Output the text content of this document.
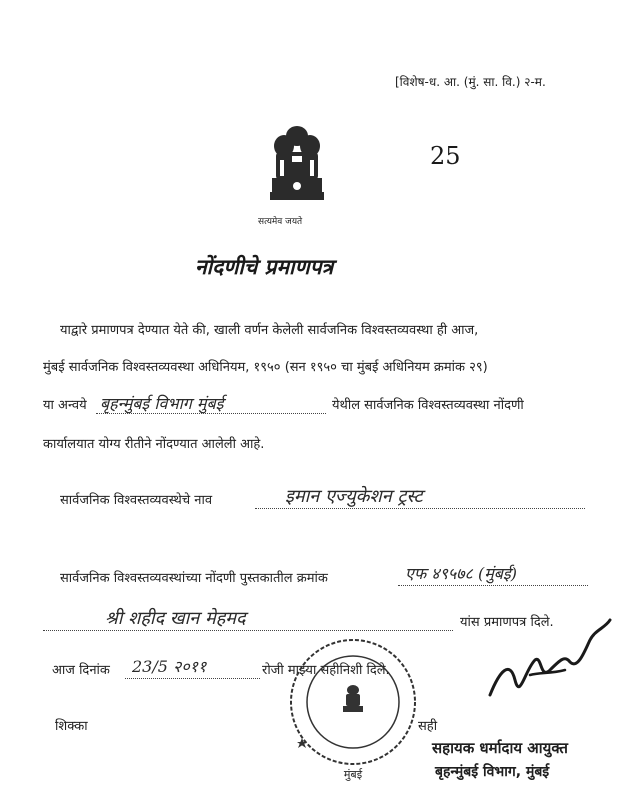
[विशेष-ध. आ. (मुं. सा. वि.) २-म.
सत्यमेव जयते
25
नोंदणीचे प्रमाणपत्र
याद्वारे प्रमाणपत्र देण्यात येते की, खाली वर्णन केलेली सार्वजनिक विश्वस्तव्यवस्था ही आज,
मुंबई सार्वजनिक विश्वस्तव्यवस्था अधिनियम, १९५० (सन १९५० चा मुंबई अधिनियम क्रमांक २९)
या अन्वये बृहन्मुंबई विभाग मुंबई	येथील सार्वजनिक विश्वस्तव्यवस्था नोंदणी
कार्यालयात योग्य रीतीने नोंदण्यात आलेली आहे.
सार्वजनिक विश्वस्तव्यवस्थेचे नाव	इमान एज्युकेशन ट्रस्ट
सार्वजनिक विश्वस्तव्यवस्थांच्या नोंदणी पुस्तकातील क्रमांक	एफ ४९५७८ (मुंबई)
श्री शहीद खान मेहमद	यांस प्रमाणपत्र दिले.
आज दिनांक 23/5 २०११	रोजी माझ्या सहीनिशी दिले.
शिक्का	सही
मुंबई
सहायक धर्मादाय आयुक्त
बृहन्मुंबई विभाग, मुंबई
